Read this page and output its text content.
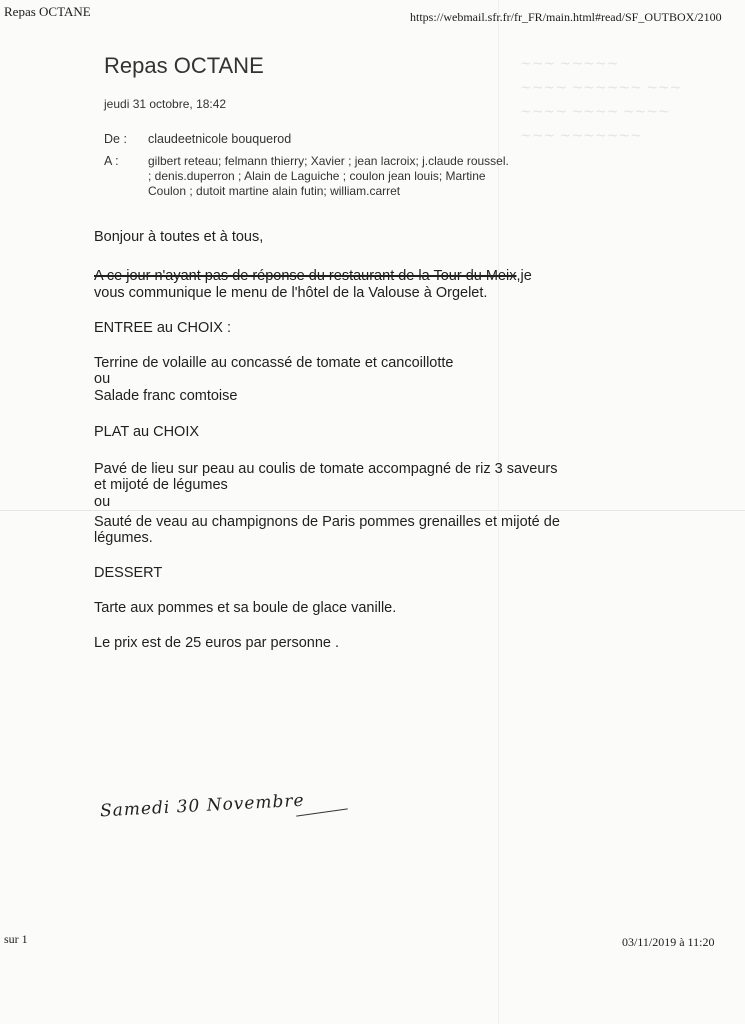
Repas OCTANE	https://webmail.sfr.fr/fr_FR/main.html#read/SF_OUTBOX/2100
Repas OCTANE
jeudi 31 octobre, 18:42
De : claudeetnicole bouquerod
A : gilbert reteau; felmann thierry; Xavier ; jean lacroix; j.claude roussel.
; denis.duperron ; Alain de Laguiche ; coulon jean louis; Martine
Coulon ; dutoit martine alain futin; william.carret
Bonjour à toutes et à tous,
A ce jour n'ayant pas de réponse du restaurant de la Tour du Meix,je
vous communique le menu de l'hôtel de la Valouse à Orgelet.
ENTREE au CHOIX :
Terrine de volaille au concassé de tomate et cancoillotte
ou
Salade franc comtoise
PLAT au CHOIX
Pavé de lieu sur peau au coulis de tomate accompagné de riz 3 saveurs
et mijoté de légumes
ou
Sauté de veau au champignons de Paris pommes grenailles et mijoté de
légumes.
DESSERT
Tarte aux pommes et sa boule de glace vanille.
Le prix est de 25 euros par personne .
~~~ ~~~~~
~~~~ ~~~~~~ ~~~
~~~~ ~~~~ ~~~~
~~~ ~~~~~~~
Samedi 30 Novembre
sur 1	03/11/2019 à 11:20
